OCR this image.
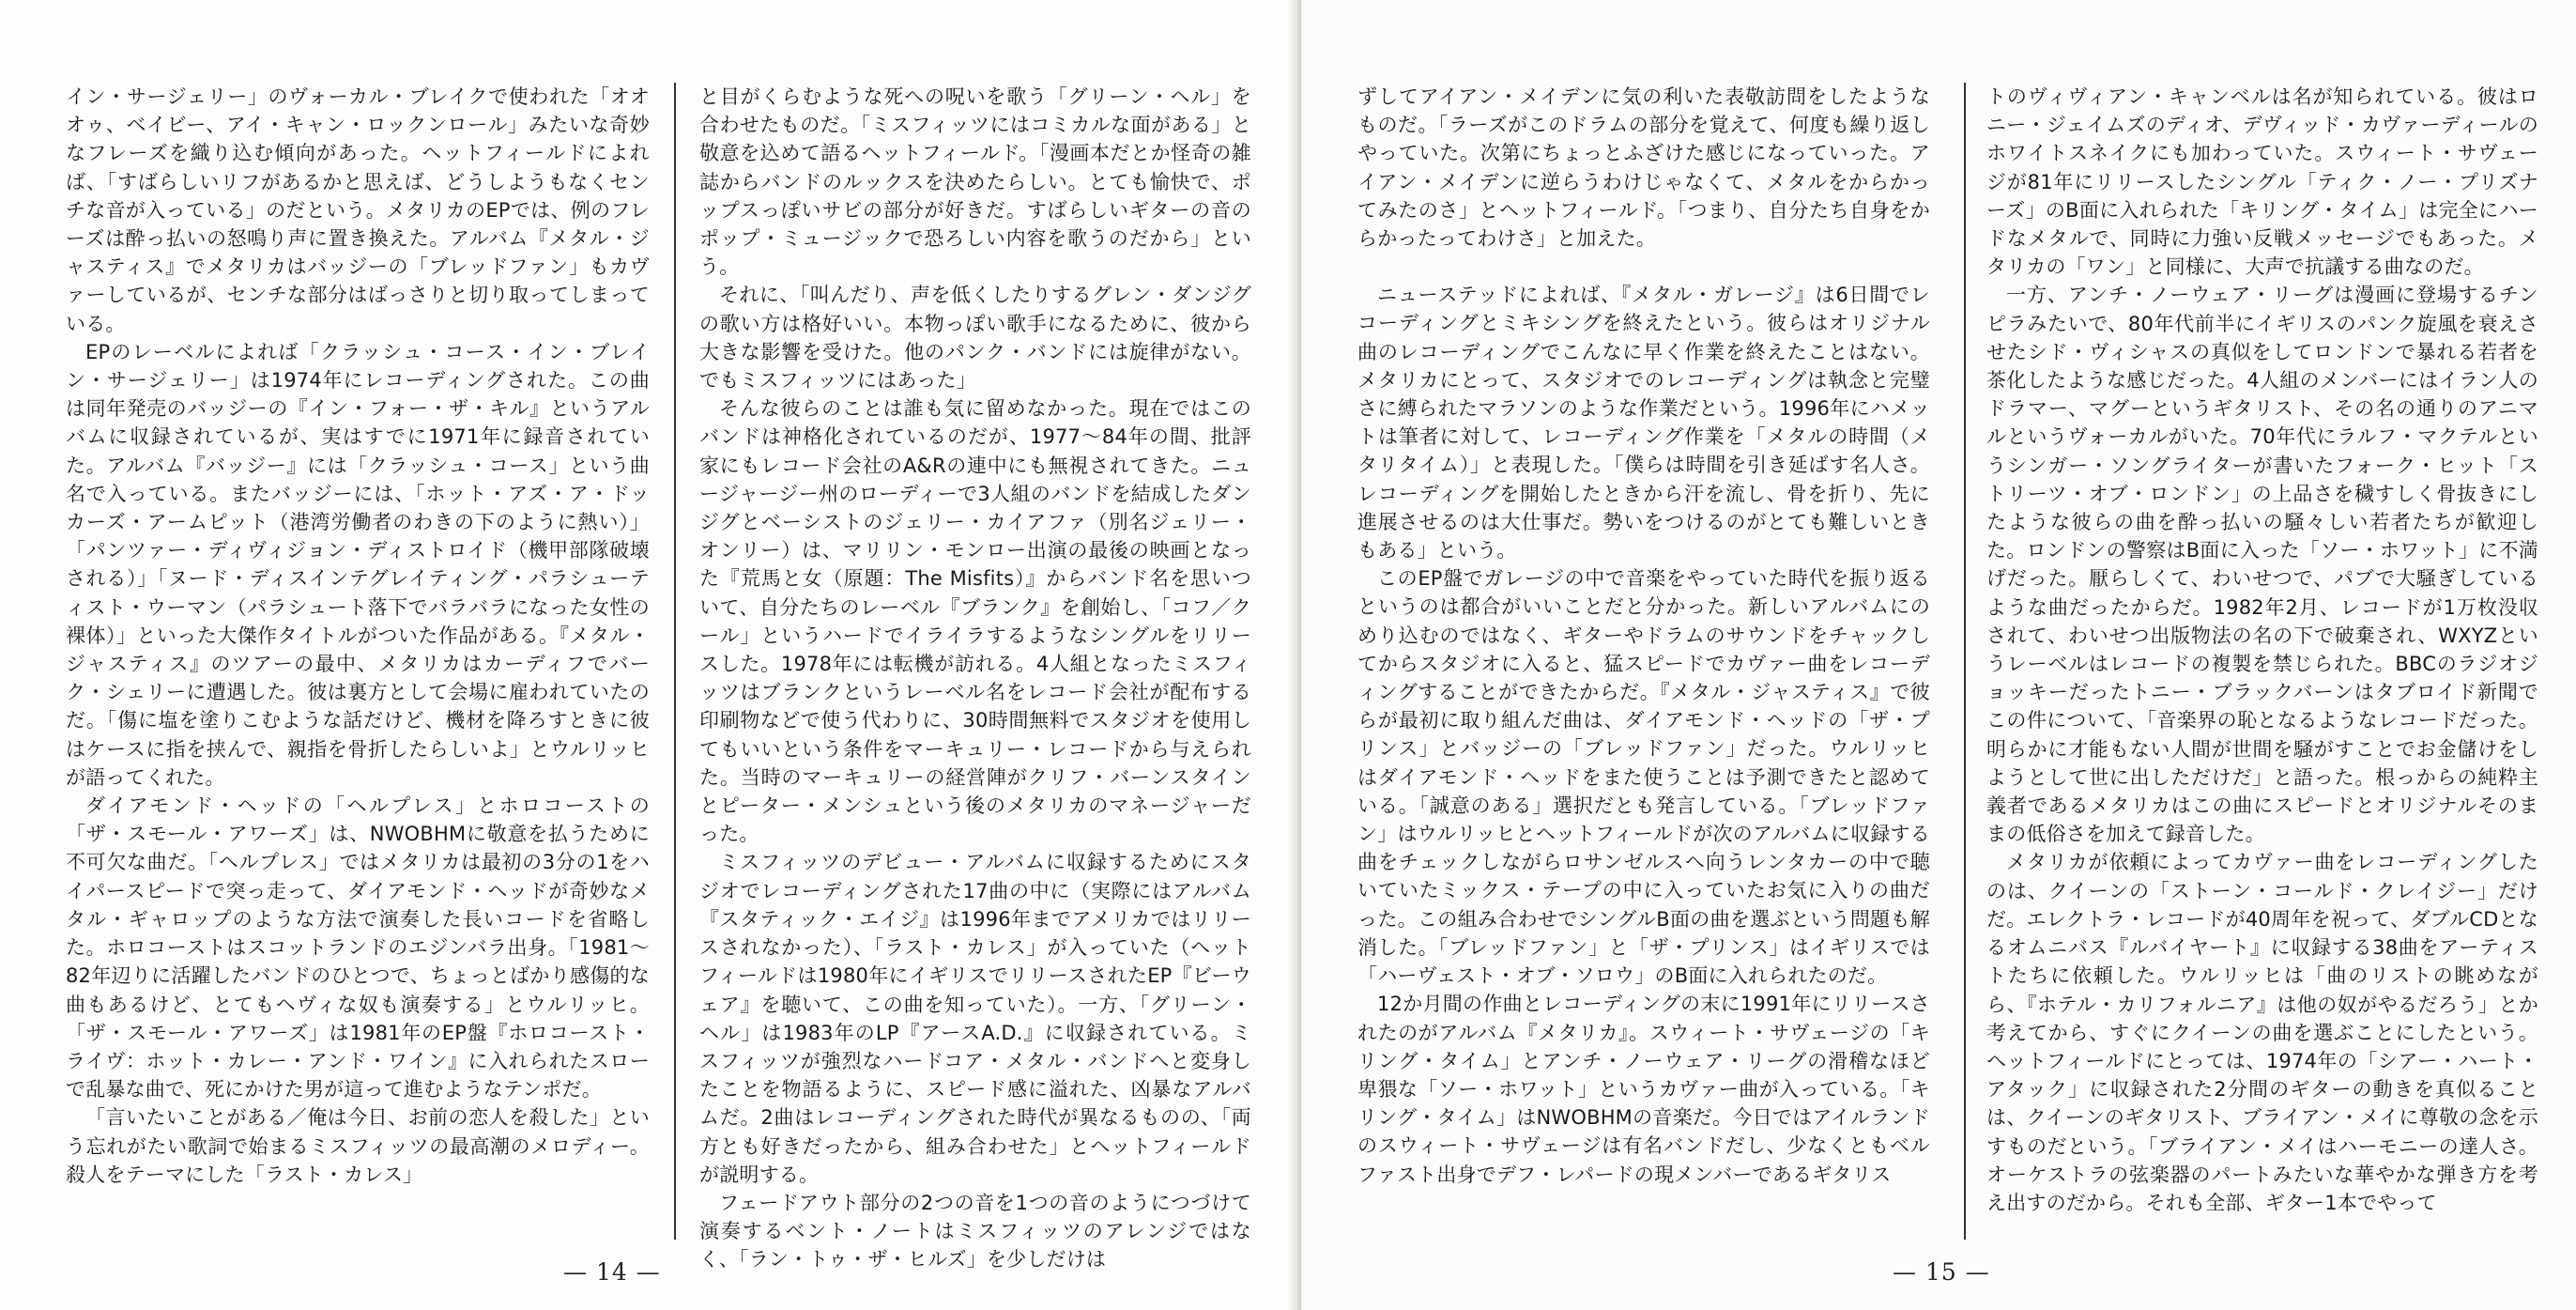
イン・サージェリー」のヴォーカル・ブレイクで使われた「オオオゥ、ベイビー、アイ・キャン・ロックンロール」みたいな奇妙なフレーズを織り込む傾向があった。ヘットフィールドによれば、「すばらしいリフがあるかと思えば、どうしようもなくセンチな音が入っている」のだという。メタリカのEPでは、例のフレーズは酔っ払いの怒鳴り声に置き換えた。アルバム『メタル・ジャスティス』でメタリカはバッジーの「ブレッドファン」もカヴァーしているが、センチな部分はばっさりと切り取ってしまっている。

EPのレーベルによれば「クラッシュ・コース・イン・ブレイン・サージェリー」は1974年にレコーディングされた。この曲は同年発売のバッジーの『イン・フォー・ザ・キル』というアルバムに収録されているが、実はすでに1971年に録音されていた。アルバム『バッジー』には「クラッシュ・コース」という曲名で入っている。またバッジーには、「ホット・アズ・ア・ドッカーズ・アームピット（港湾労働者のわきの下のように熱い）」「パンツァー・ディヴィジョン・ディストロイド（機甲部隊破壊される）」「ヌード・ディスインテグレイティング・パラシューティスト・ウーマン（パラシュート落下でバラバラになった女性の裸体）」といった大傑作タイトルがついた作品がある。『メタル・ジャスティス』のツアーの最中、メタリカはカーディフでバーク・シェリーに遭遇した。彼は裏方として会場に雇われていたのだ。「傷に塩を塗りこむような話だけど、機材を降ろすときに彼はケースに指を挟んで、親指を骨折したらしいよ」とウルリッヒが語ってくれた。

ダイアモンド・ヘッドの「ヘルプレス」とホロコーストの「ザ・スモール・アワーズ」は、NWOBHMに敬意を払うために不可欠な曲だ。「ヘルプレス」ではメタリカは最初の3分の1をハイパースピードで突っ走って、ダイアモンド・ヘッドが奇妙なメタル・ギャロップのような方法で演奏した長いコードを省略した。ホロコーストはスコットランドのエジンバラ出身。「1981～82年辺りに活躍したバンドのひとつで、ちょっとばかり感傷的な曲もあるけど、とてもヘヴィな奴も演奏する」とウルリッヒ。「ザ・スモール・アワーズ」は1981年のEP盤『ホロコースト・ライヴ：ホット・カレー・アンド・ワイン』に入れられたスローで乱暴な曲で、死にかけた男が這って進むようなテンポだ。

「言いたいことがある／俺は今日、お前の恋人を殺した」という忘れがたい歌詞で始まるミスフィッツの最高潮のメロディー。殺人をテーマにした「ラスト・カレス」

と目がくらむような死への呪いを歌う「グリーン・ヘル」を合わせたものだ。「ミスフィッツにはコミカルな面がある」と敬意を込めて語るヘットフィールド。「漫画本だとか怪奇の雑誌からバンドのルックスを決めたらしい。とても愉快で、ポップスっぽいサビの部分が好きだ。すばらしいギターの音のポップ・ミュージックで恐ろしい内容を歌うのだから」という。

それに、「叫んだり、声を低くしたりするグレン・ダンジグの歌い方は格好いい。本物っぽい歌手になるために、彼から大きな影響を受けた。他のパンク・バンドには旋律がない。でもミスフィッツにはあった」

そんな彼らのことは誰も気に留めなかった。現在ではこのバンドは神格化されているのだが、1977～84年の間、批評家にもレコード会社のA&Rの連中にも無視されてきた。ニュージャージー州のローディーで3人組のバンドを結成したダンジグとベーシストのジェリー・カイアファ（別名ジェリー・オンリー）は、マリリン・モンロー出演の最後の映画となった『荒馬と女（原題：The Misfits）』からバンド名を思いついて、自分たちのレーベル『ブランク』を創始し、「コフ／クール」というハードでイライラするようなシングルをリリースした。1978年には転機が訪れる。4人組となったミスフィッツはブランクというレーベル名をレコード会社が配布する印刷物などで使う代わりに、30時間無料でスタジオを使用してもいいという条件をマーキュリー・レコードから与えられた。当時のマーキュリーの経営陣がクリフ・バーンスタインとピーター・メンシュという後のメタリカのマネージャーだった。

ミスフィッツのデビュー・アルバムに収録するためにスタジオでレコーディングされた17曲の中に（実際にはアルバム『スタティック・エイジ』は1996年までアメリカではリリースされなかった）、「ラスト・カレス」が入っていた（ヘットフィールドは1980年にイギリスでリリースされたEP『ビーウェア』を聴いて、この曲を知っていた）。一方、「グリーン・ヘル」は1983年のLP『アースA.D.』に収録されている。ミスフィッツが強烈なハードコア・メタル・バンドへと変身したことを物語るように、スピード感に溢れた、凶暴なアルバムだ。2曲はレコーディングされた時代が異なるものの、「両方とも好きだったから、組み合わせた」とヘットフィールドが説明する。

フェードアウト部分の2つの音を1つの音のようにつづけて演奏するベント・ノートはミスフィッツのアレンジではなく、「ラン・トゥ・ザ・ヒルズ」を少しだけは

— 14 —

ずしてアイアン・メイデンに気の利いた表敬訪問をしたようなものだ。「ラーズがこのドラムの部分を覚えて、何度も繰り返しやっていた。次第にちょっとふざけた感じになっていった。アイアン・メイデンに逆らうわけじゃなくて、メタルをからかってみたのさ」とヘットフィールド。「つまり、自分たち自身をからかったってわけさ」と加えた。

ニューステッドによれば、『メタル・ガレージ』は6日間でレコーディングとミキシングを終えたという。彼らはオリジナル曲のレコーディングでこんなに早く作業を終えたことはない。メタリカにとって、スタジオでのレコーディングは執念と完璧さに縛られたマラソンのような作業だという。1996年にハメットは筆者に対して、レコーディング作業を「メタルの時間（メタリタイム）」と表現した。「僕らは時間を引き延ばす名人さ。レコーディングを開始したときから汗を流し、骨を折り、先に進展させるのは大仕事だ。勢いをつけるのがとても難しいときもある」という。

このEP盤でガレージの中で音楽をやっていた時代を振り返るというのは都合がいいことだと分かった。新しいアルバムにのめり込むのではなく、ギターやドラムのサウンドをチャックしてからスタジオに入ると、猛スピードでカヴァー曲をレコーディングすることができたからだ。『メタル・ジャスティス』で彼らが最初に取り組んだ曲は、ダイアモンド・ヘッドの「ザ・プリンス」とバッジーの「ブレッドファン」だった。ウルリッヒはダイアモンド・ヘッドをまた使うことは予測できたと認めている。「誠意のある」選択だとも発言している。「ブレッドファン」はウルリッヒとヘットフィールドが次のアルバムに収録する曲をチェックしながらロサンゼルスへ向うレンタカーの中で聴いていたミックス・テープの中に入っていたお気に入りの曲だった。この組み合わせでシングルB面の曲を選ぶという問題も解消した。「ブレッドファン」と「ザ・プリンス」はイギリスでは「ハーヴェスト・オブ・ソロウ」のB面に入れられたのだ。

12か月間の作曲とレコーディングの末に1991年にリリースされたのがアルバム『メタリカ』。スウィート・サヴェージの「キリング・タイム」とアンチ・ノーウェア・リーグの滑稽なほど卑猥な「ソー・ホワット」というカヴァー曲が入っている。「キリング・タイム」はNWOBHMの音楽だ。今日ではアイルランドのスウィート・サヴェージは有名バンドだし、少なくともベルファスト出身でデフ・レパードの現メンバーであるギタリス

トのヴィヴィアン・キャンベルは名が知られている。彼はロニー・ジェイムズのディオ、デヴィッド・カヴァーディールのホワイトスネイクにも加わっていた。スウィート・サヴェージが81年にリリースしたシングル「ティク・ノー・プリズナーズ」のB面に入れられた「キリング・タイム」は完全にハードなメタルで、同時に力強い反戦メッセージでもあった。メタリカの「ワン」と同様に、大声で抗議する曲なのだ。

一方、アンチ・ノーウェア・リーグは漫画に登場するチンピラみたいで、80年代前半にイギリスのパンク旋風を衰えさせたシド・ヴィシャスの真似をしてロンドンで暴れる若者を茶化したような感じだった。4人組のメンバーにはイラン人のドラマー、マグーというギタリスト、その名の通りのアニマルというヴォーカルがいた。70年代にラルフ・マクテルというシンガー・ソングライターが書いたフォーク・ヒット「ストリーツ・オブ・ロンドン」の上品さを穢すしく骨抜きにしたような彼らの曲を酔っ払いの騒々しい若者たちが歓迎した。ロンドンの警察はB面に入った「ソー・ホワット」に不満げだった。厭らしくて、わいせつで、パブで大騒ぎしているような曲だったからだ。1982年2月、レコードが1万枚没収されて、わいせつ出版物法の名の下で破棄され、WXYZというレーベルはレコードの複製を禁じられた。BBCのラジオジョッキーだったトニー・ブラックバーンはタブロイド新聞でこの件について、「音楽界の恥となるようなレコードだった。明らかに才能もない人間が世間を騒がすことでお金儲けをしようとして世に出しただけだ」と語った。根っからの純粋主義者であるメタリカはこの曲にスピードとオリジナルそのままの低俗さを加えて録音した。

メタリカが依頼によってカヴァー曲をレコーディングしたのは、クイーンの「ストーン・コールド・クレイジー」だけだ。エレクトラ・レコードが40周年を祝って、ダブルCDとなるオムニバス『ルバイヤート』に収録する38曲をアーティストたちに依頼した。ウルリッヒは「曲のリストの眺めながら、『ホテル・カリフォルニア』は他の奴がやるだろう」とか考えてから、すぐにクイーンの曲を選ぶことにしたという。ヘットフィールドにとっては、1974年の「シアー・ハート・アタック」に収録された2分間のギターの動きを真似ることは、クイーンのギタリスト、ブライアン・メイに尊敬の念を示すものだという。「ブライアン・メイはハーモニーの達人さ。オーケストラの弦楽器のパートみたいな華やかな弾き方を考え出すのだから。それも全部、ギター1本でやって

— 15 —
